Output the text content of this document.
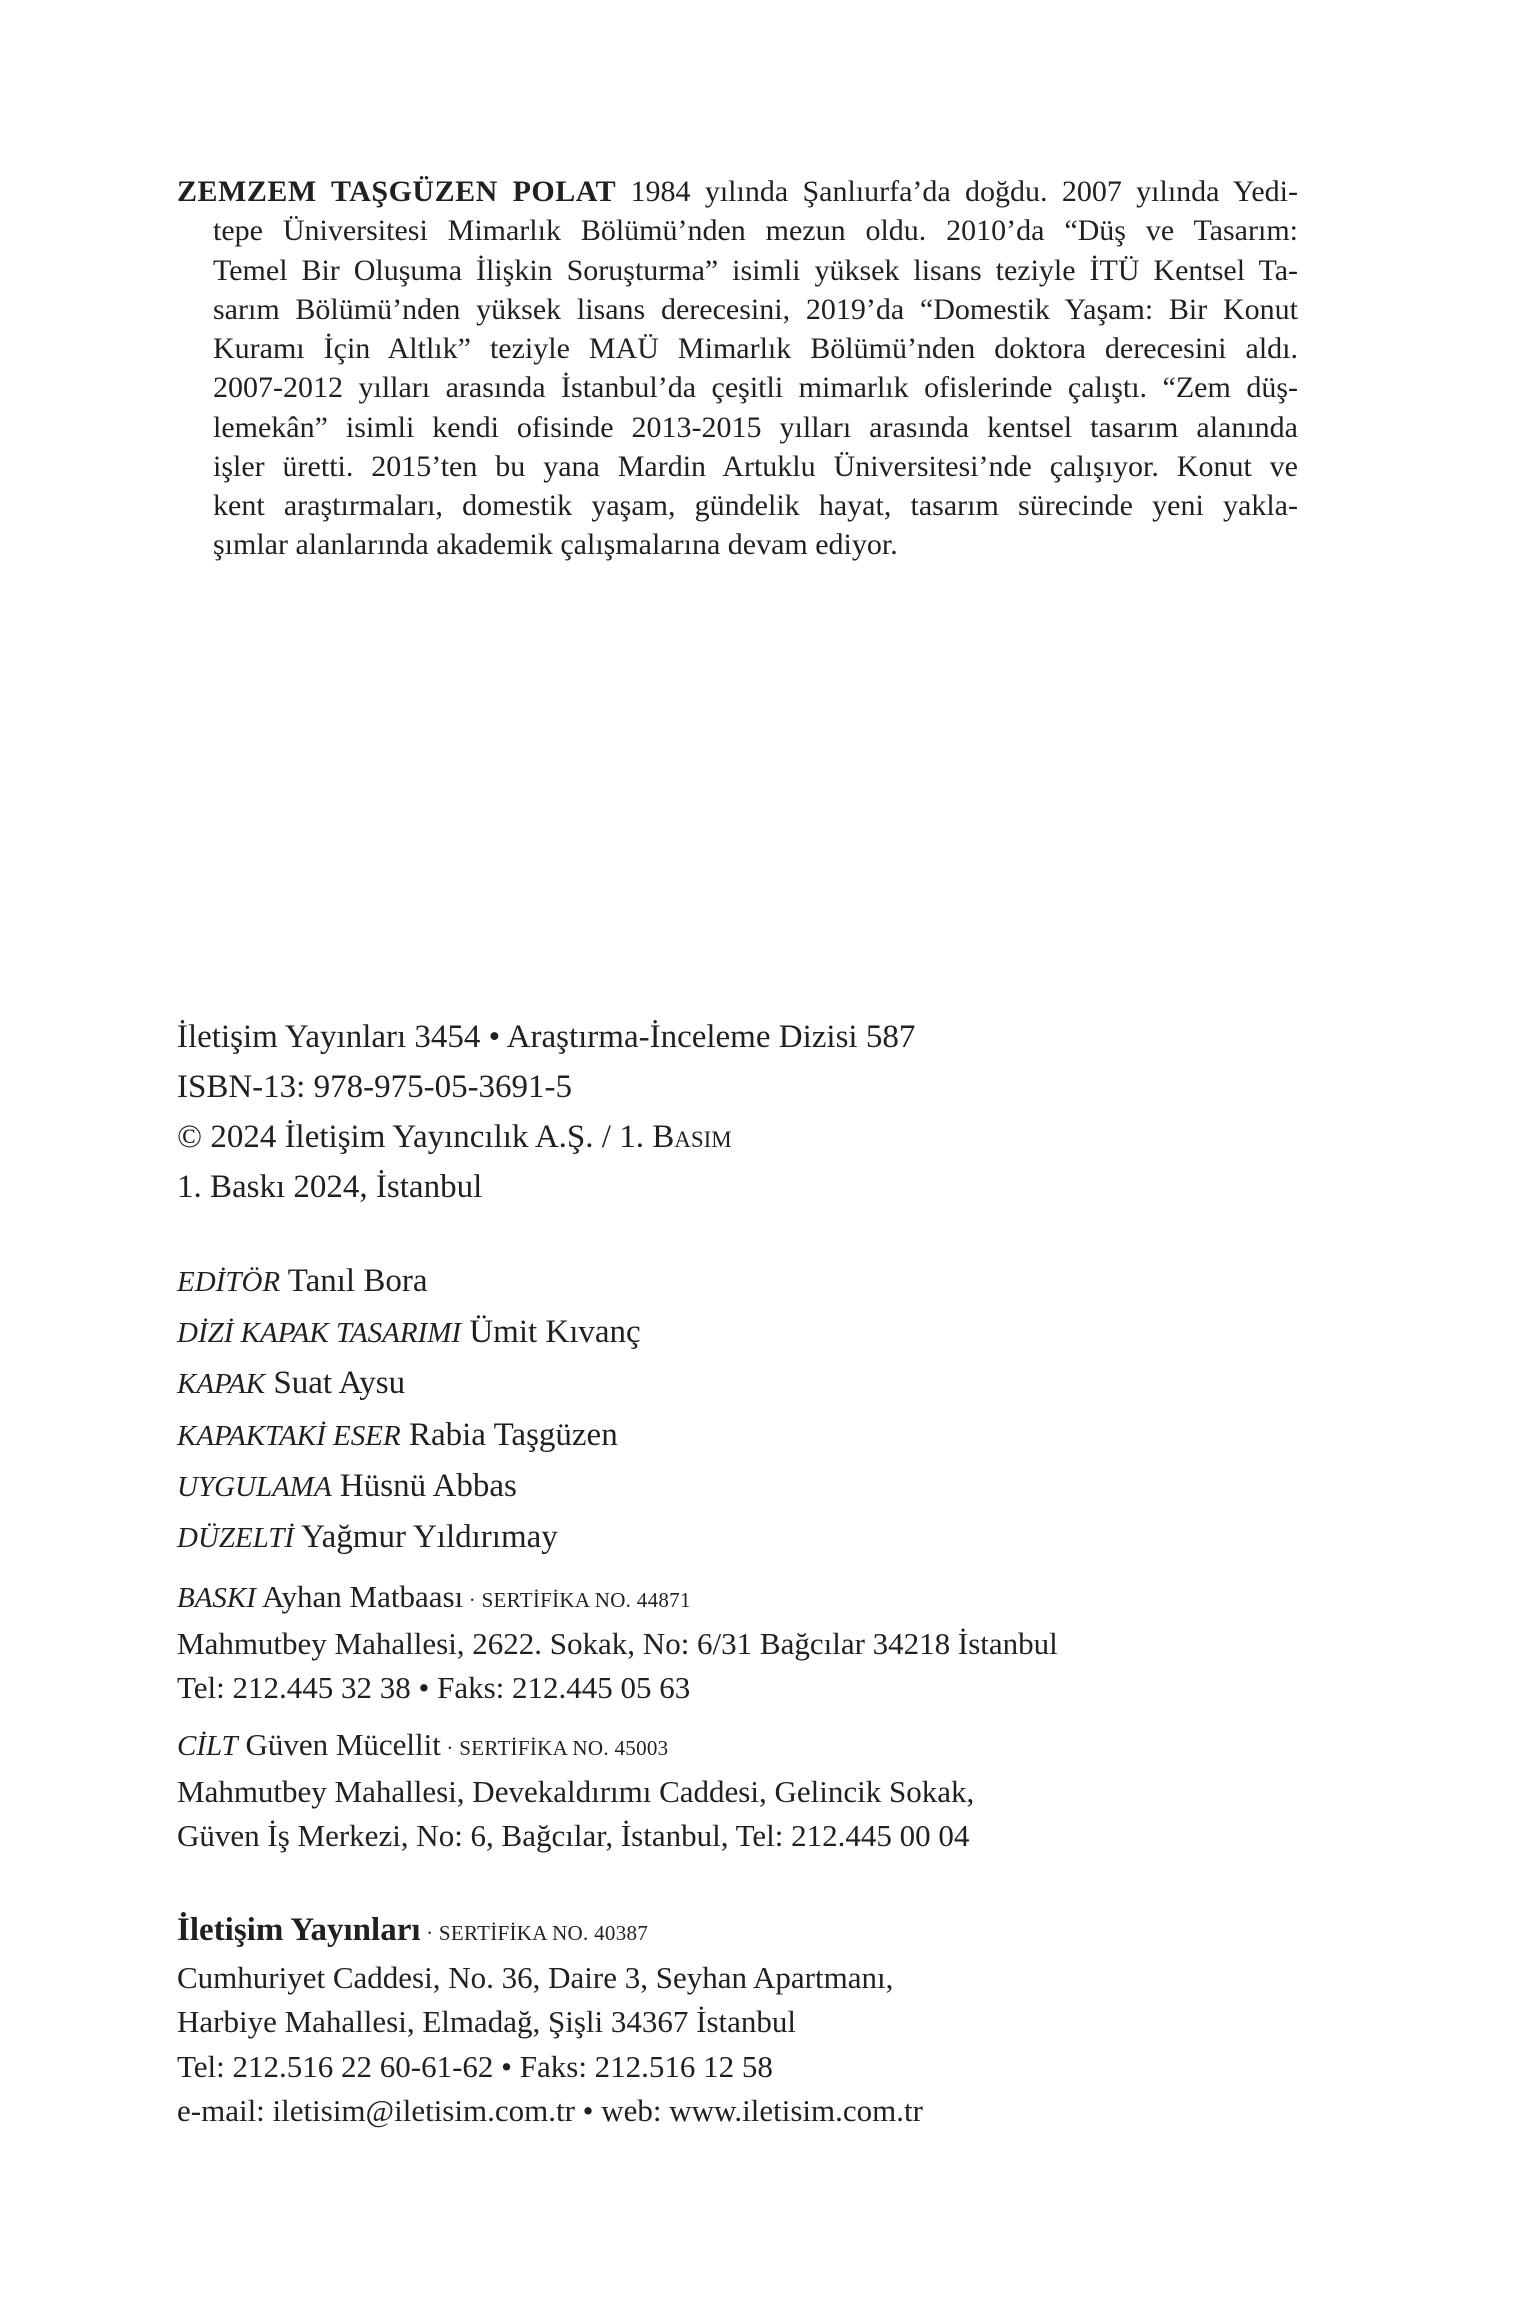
ZEMZEM TAŞGÜZEN POLAT 1984 yılında Şanlıurfa’da doğdu. 2007 yılında Yedi-
tepe Üniversitesi Mimarlık Bölümü’nden mezun oldu. 2010’da “Düş ve Tasarım:
Temel Bir Oluşuma İlişkin Soruşturma” isimli yüksek lisans teziyle İTÜ Kentsel Ta-
sarım Bölümü’nden yüksek lisans derecesini, 2019’da “Domestik Yaşam: Bir Konut
Kuramı İçin Altlık” teziyle MAÜ Mimarlık Bölümü’nden doktora derecesini aldı.
2007-2012 yılları arasında İstanbul’da çeşitli mimarlık ofislerinde çalıştı. “Zem düş-
lemekân” isimli kendi ofisinde 2013-2015 yılları arasında kentsel tasarım alanında
işler üretti. 2015’ten bu yana Mardin Artuklu Üniversitesi’nde çalışıyor. Konut ve
kent araştırmaları, domestik yaşam, gündelik hayat, tasarım sürecinde yeni yakla-
şımlar alanlarında akademik çalışmalarına devam ediyor.
İletişim Yayınları 3454 • Araştırma-İnceleme Dizisi 587
ISBN-13: 978-975-05-3691-5
© 2024 İletişim Yayıncılık A.Ş. / 1. Basım
1. Baskı 2024, İstanbul
EDİTÖR Tanıl Bora
DİZİ KAPAK TASARIMI Ümit Kıvanç
KAPAK Suat Aysu
KAPAKTAKİ ESER Rabia Taşgüzen
UYGULAMA Hüsnü Abbas
DÜZELTİ Yağmur Yıldırımay
BASKI Ayhan Matbaası · SERTİFİKA NO. 44871
Mahmutbey Mahallesi, 2622. Sokak, No: 6/31 Bağcılar 34218 İstanbul
Tel: 212.445 32 38 • Faks: 212.445 05 63
CİLT Güven Mücellit · SERTİFİKA NO. 45003
Mahmutbey Mahallesi, Devekaldırımı Caddesi, Gelincik Sokak,
Güven İş Merkezi, No: 6, Bağcılar, İstanbul, Tel: 212.445 00 04
İletişim Yayınları · SERTİFİKA NO. 40387
Cumhuriyet Caddesi, No. 36, Daire 3, Seyhan Apartmanı,
Harbiye Mahallesi, Elmadağ, Şişli 34367 İstanbul
Tel: 212.516 22 60-61-62 • Faks: 212.516 12 58
e-mail: iletisim@iletisim.com.tr • web: www.iletisim.com.tr
